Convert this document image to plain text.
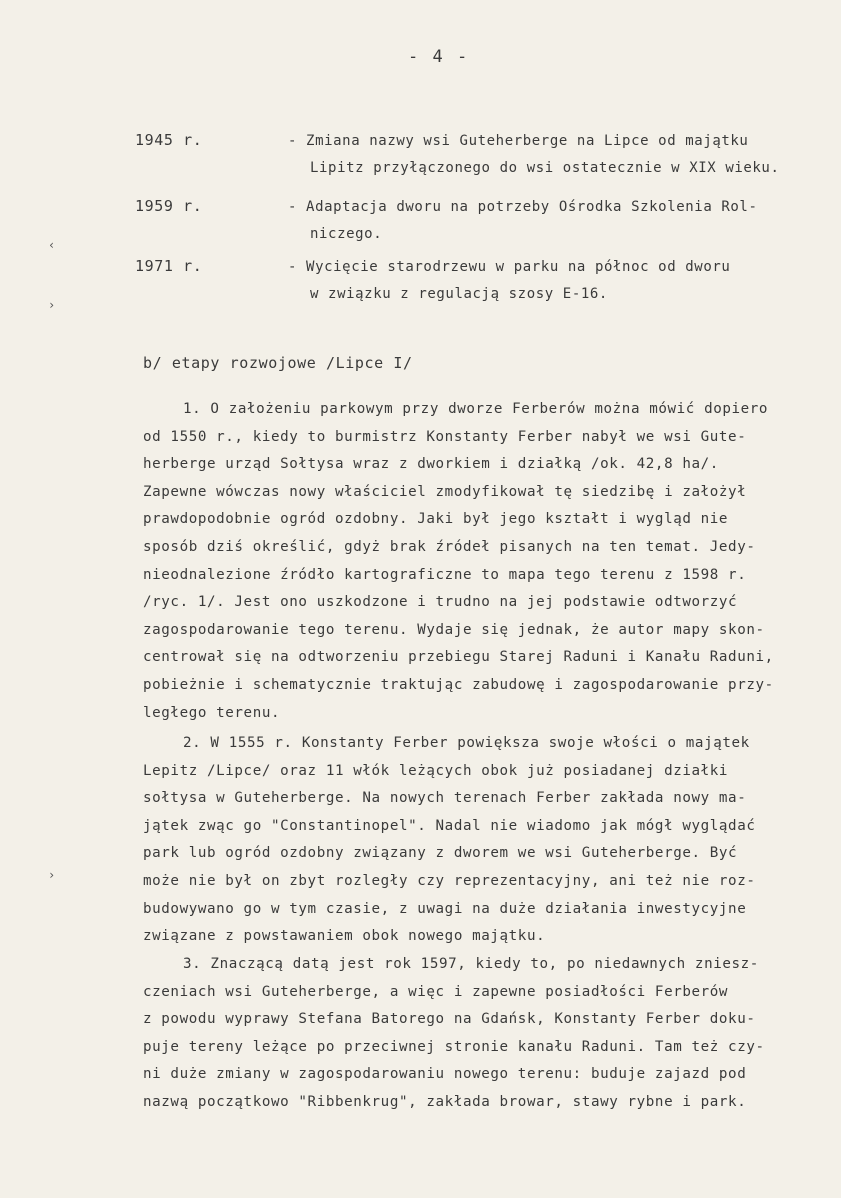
- 4 -
1945 r.	- Zmiana nazwy wsi Guteherberge na Lipce od majątku
Lipitz przyłączonego do wsi ostatecznie w XIX wieku.
1959 r.	- Adaptacja dworu na potrzeby Ośrodka Szkolenia Rol-
niczego.
1971 r.	- Wycięcie starodrzewu w parku na północ od dworu
w związku z regulacją szosy E-16.
‹
›
›
b/ etapy rozwojowe /Lipce I/
1. O założeniu parkowym przy dworze Ferberów można mówić dopiero
od 1550 r., kiedy to burmistrz Konstanty Ferber nabył we wsi Gute-
herberge urząd Sołtysa wraz z dworkiem i działką /ok. 42,8 ha/.
Zapewne wówczas nowy właściciel zmodyfikował tę siedzibę i założył
prawdopodobnie ogród ozdobny. Jaki był jego kształt i wygląd nie
sposób dziś określić, gdyż brak źródeł pisanych na ten temat. Jedy-
nieodnalezione źródło kartograficzne to mapa tego terenu z 1598 r.
/ryc. 1/. Jest ono uszkodzone i trudno na jej podstawie odtworzyć
zagospodarowanie tego terenu. Wydaje się jednak, że autor mapy skon-
centrował się na odtworzeniu przebiegu Starej Raduni i Kanału Raduni,
pobieżnie i schematycznie traktując zabudowę i zagospodarowanie przy-
ległego terenu.
2. W 1555 r. Konstanty Ferber powiększa swoje włości o majątek
Lepitz /Lipce/ oraz 11 włók leżących obok już posiadanej działki
sołtysa w Guteherberge. Na nowych terenach Ferber zakłada nowy ma-
jątek zwąc go "Constantinopel". Nadal nie wiadomo jak mógł wyglądać
park lub ogród ozdobny związany z dworem we wsi Guteherberge. Być
może nie był on zbyt rozległy czy reprezentacyjny, ani też nie roz-
budowywano go w tym czasie, z uwagi na duże działania inwestycyjne
związane z powstawaniem obok nowego majątku.
3. Znaczącą datą jest rok 1597, kiedy to, po niedawnych zniesz-
czeniach wsi Guteherberge, a więc i zapewne posiadłości Ferberów
z powodu wyprawy Stefana Batorego na Gdańsk, Konstanty Ferber doku-
puje tereny leżące po przeciwnej stronie kanału Raduni. Tam też czy-
ni duże zmiany w zagospodarowaniu nowego terenu: buduje zajazd pod
nazwą początkowo "Ribbenkrug", zakłada browar, stawy rybne i park.
